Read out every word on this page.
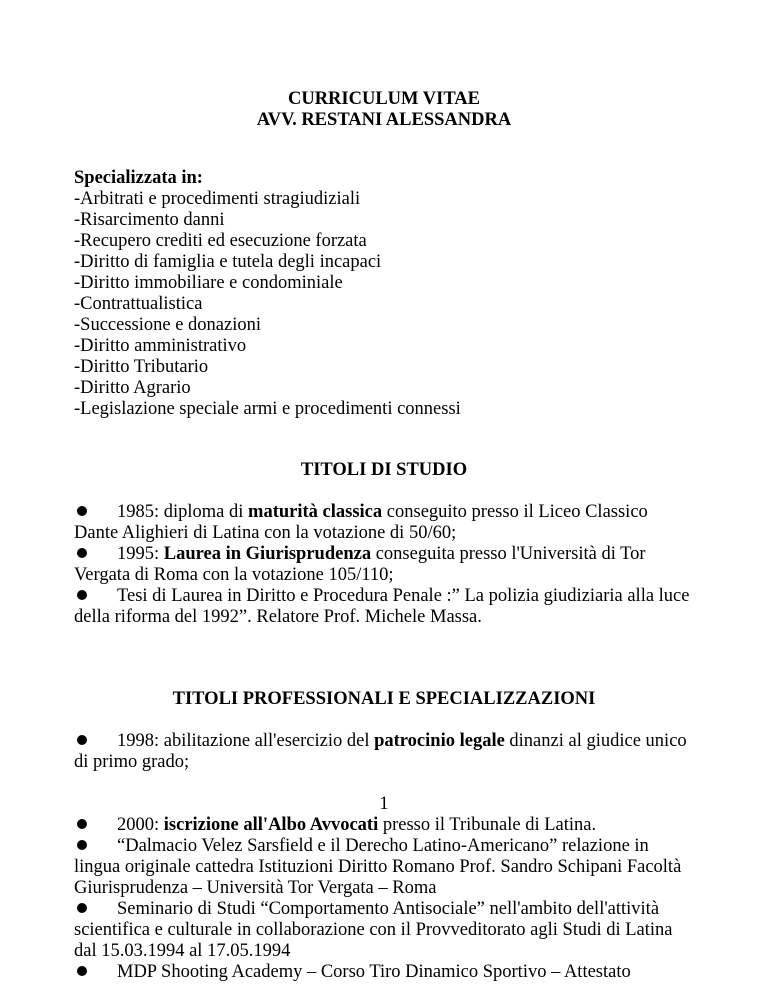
CURRICULUM VITAE
AVV. RESTANI ALESSANDRA

Specializzata in:
-Arbitrati e procedimenti stragiudiziali
-Risarcimento danni
-Recupero crediti ed esecuzione forzata
-Diritto di famiglia e tutela degli incapaci
-Diritto immobiliare e condominiale
-Contrattualistica
-Successione e donazioni
-Diritto amministrativo
-Diritto Tributario
-Diritto Agrario
-Legislazione speciale armi e procedimenti connessi

TITOLI DI STUDIO

1985: diploma di maturità classica conseguito presso il Liceo Classico Dante Alighieri di Latina con la votazione di 50/60;
1995: Laurea in Giurisprudenza conseguita presso l'Università di Tor Vergata di Roma con la votazione 105/110;
Tesi di Laurea in Diritto e Procedura Penale :” La polizia giudiziaria alla luce della riforma del 1992”. Relatore Prof. Michele Massa.

TITOLI PROFESSIONALI E SPECIALIZZAZIONI

1998: abilitazione all'esercizio del patrocinio legale dinanzi al giudice unico di primo grado;
1
2000: iscrizione all'Albo Avvocati presso il Tribunale di Latina.
“Dalmacio Velez Sarsfield e il Derecho Latino-Americano” relazione in lingua originale cattedra Istituzioni Diritto Romano Prof. Sandro Schipani Facoltà Giurisprudenza – Università Tor Vergata – Roma
Seminario di Studi “Comportamento Antisociale” nell'ambito dell'attività scientifica e culturale in collaborazione con il Provveditorato agli Studi di Latina dal 15.03.1994 al 17.05.1994
MDP Shooting Academy – Corso Tiro Dinamico Sportivo – Attestato
